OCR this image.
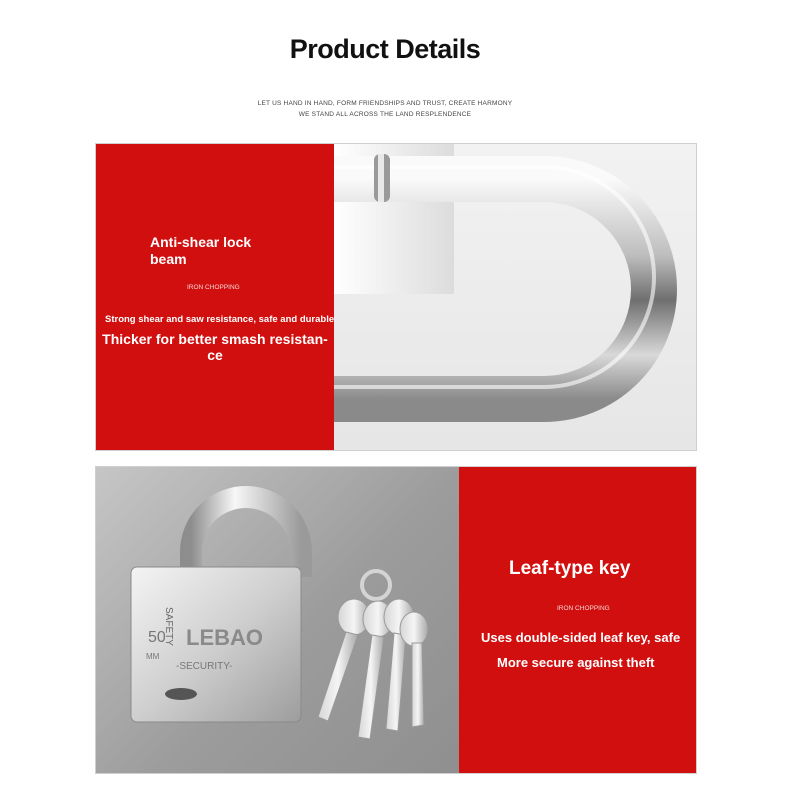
Product Details
LET US HAND IN HAND, FORM FRIENDSHIPS AND TRUST, CREATE HARMONY
WE STAND ALL ACROSS THE LAND RESPLENDENCE
Anti-shear lock
beam
IRON CHOPPING
Strong shear and saw resistance, safe and durable
Thicker for better smash resistan- ce
SAFETY
50
MM
LEBAO
-SECURITY-
Leaf-type key
IRON CHOPPING
Uses double-sided leaf key, safe
More secure against theft
